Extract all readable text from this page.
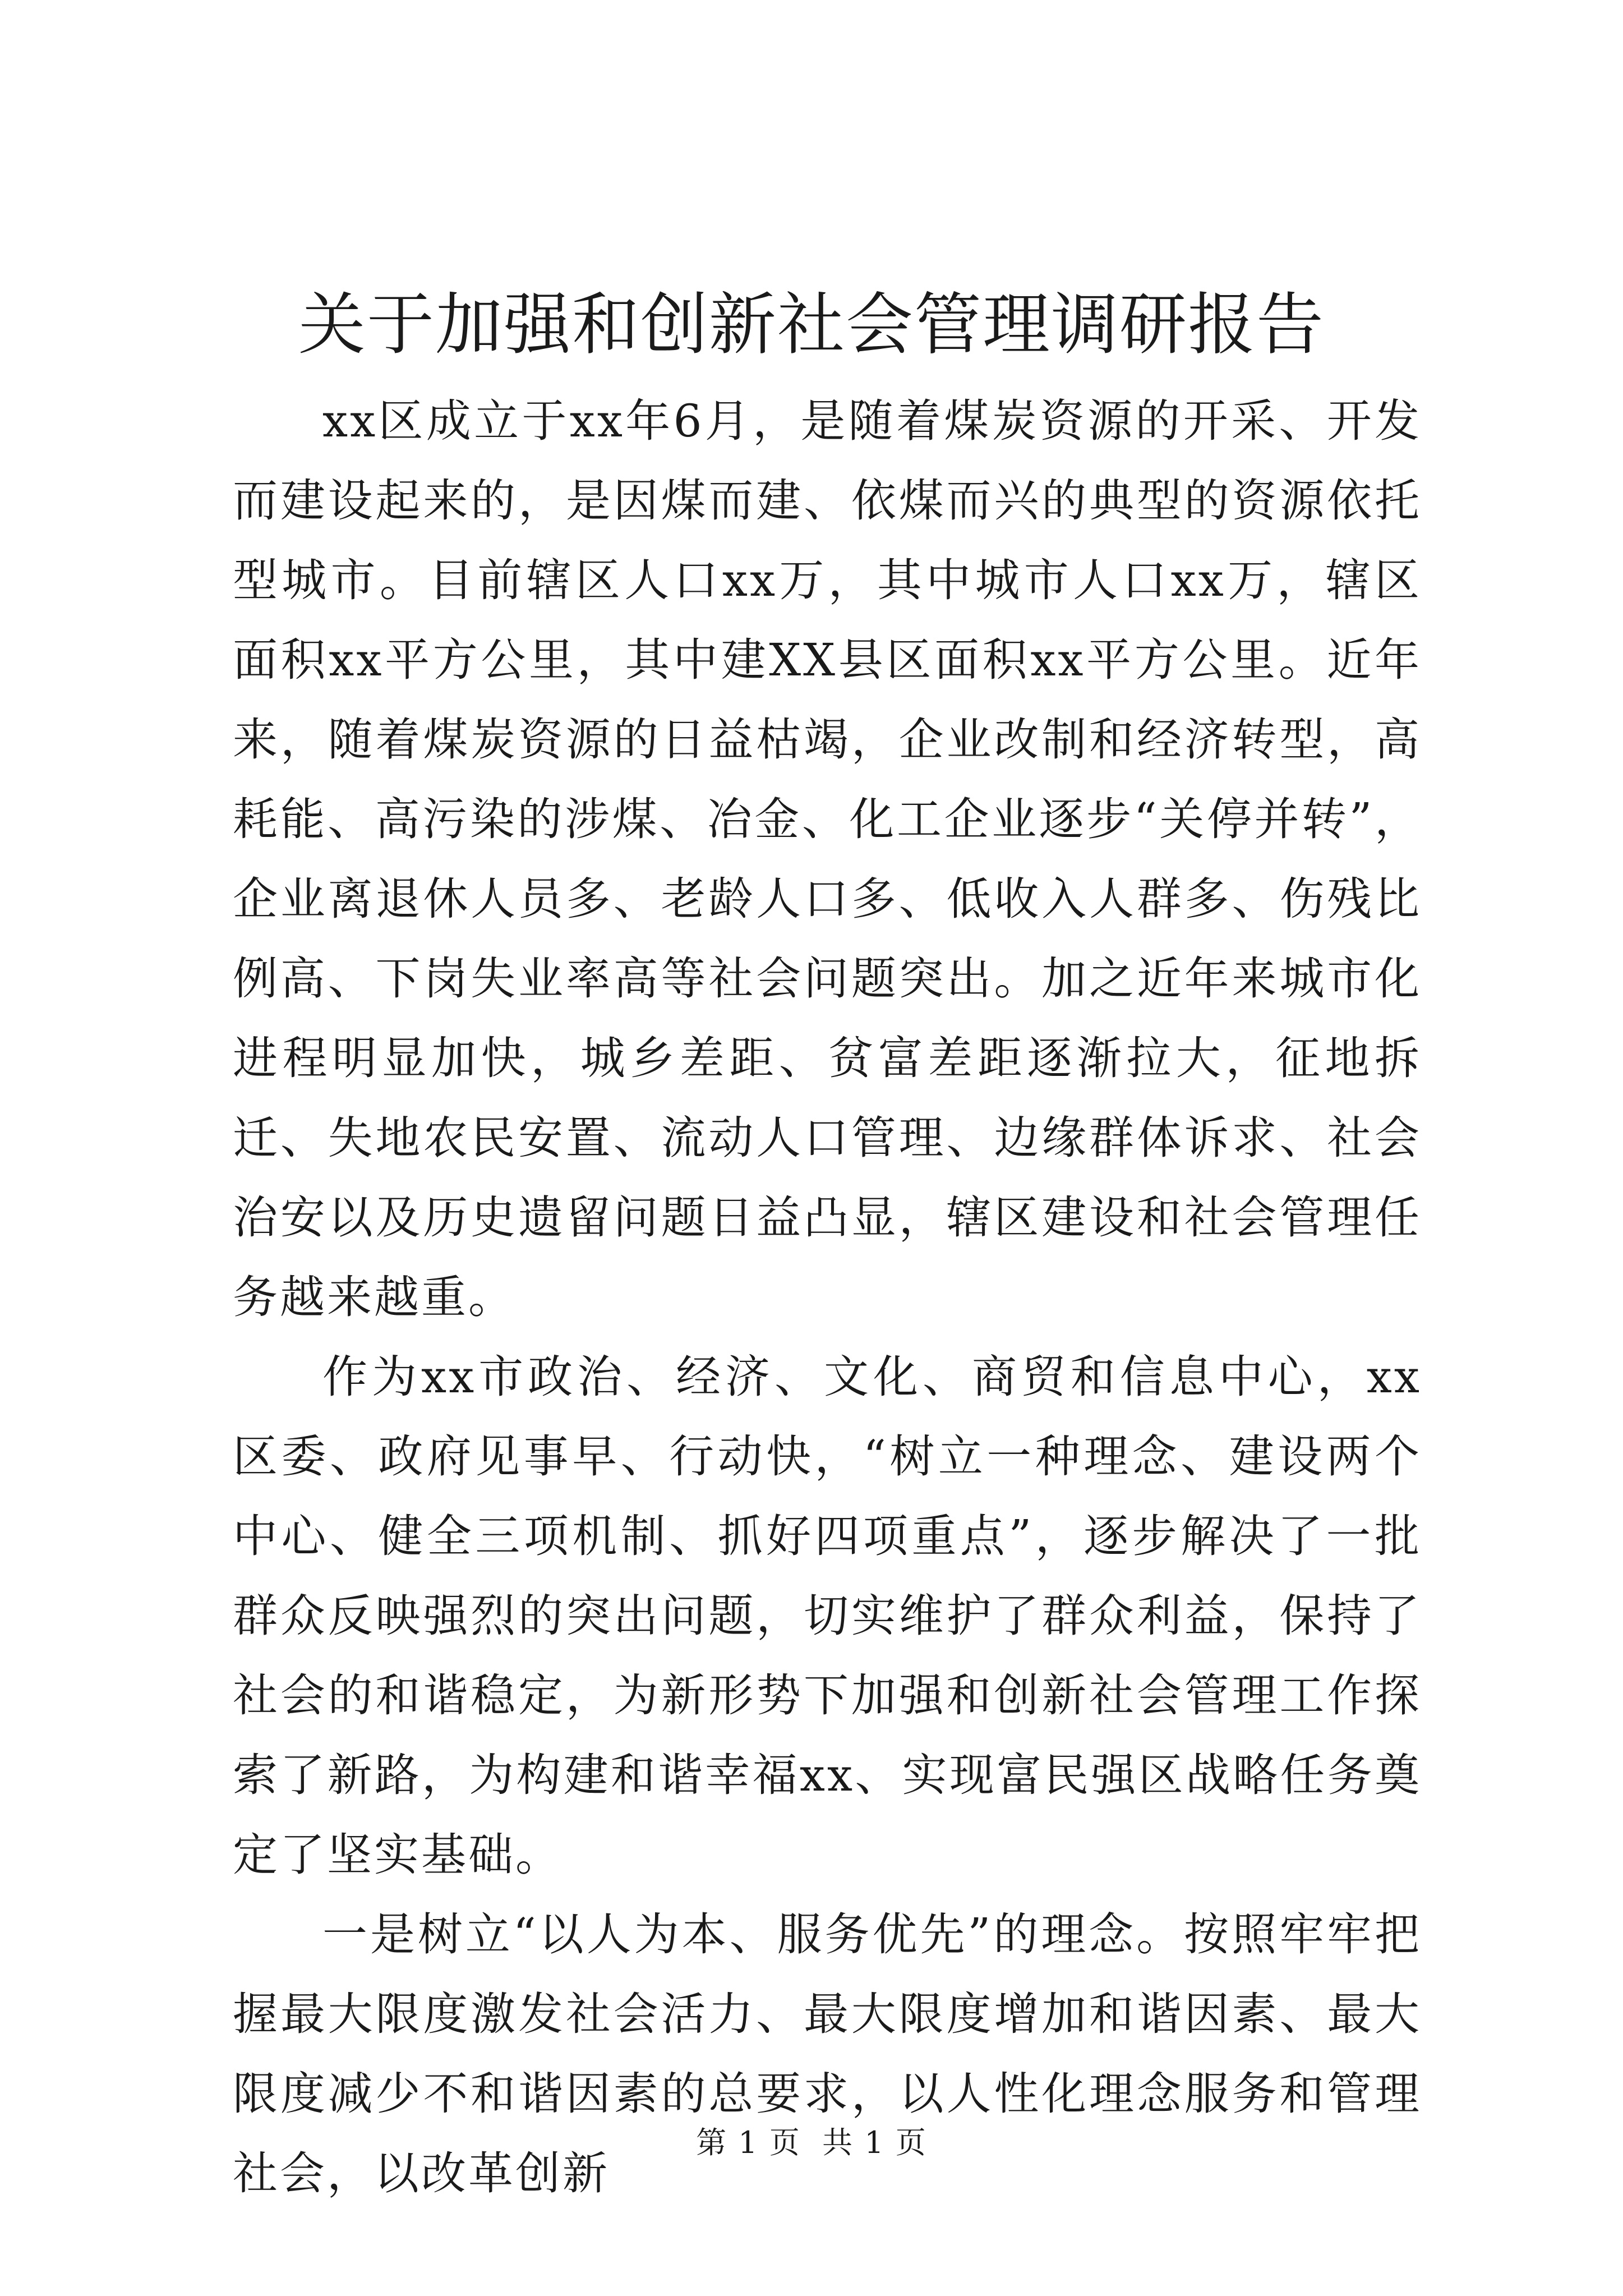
关于加强和创新社会管理调研报告

xx区成立于xx年6月，是随着煤炭资源的开采、开发而建设起来的，是因煤而建、依煤而兴的典型的资源依托型城市。目前辖区人口xx万，其中城市人口xx万，辖区面积xx平方公里，其中建XX县区面积xx平方公里。近年来，随着煤炭资源的日益枯竭，企业改制和经济转型，高耗能、高污染的涉煤、冶金、化工企业逐步“关停并转”，企业离退休人员多、老龄人口多、低收入人群多、伤残比例高、下岗失业率高等社会问题突出。加之近年来城市化进程明显加快，城乡差距、贫富差距逐渐拉大，征地拆迁、失地农民安置、流动人口管理、边缘群体诉求、社会治安以及历史遗留问题日益凸显，辖区建设和社会管理任务越来越重。

作为xx市政治、经济、文化、商贸和信息中心，xx区委、政府见事早、行动快，“树立一种理念、建设两个中心、健全三项机制、抓好四项重点”，逐步解决了一批群众反映强烈的突出问题，切实维护了群众利益，保持了社会的和谐稳定，为新形势下加强和创新社会管理工作探索了新路，为构建和谐幸福xx、实现富民强区战略任务奠定了坚实基础。

一是树立“以人为本、服务优先”的理念。按照牢牢把握最大限度激发社会活力、最大限度增加和谐因素、最大限度减少不和谐因素的总要求，以人性化理念服务和管理社会，以改革创新

第 1 页  共 1 页
